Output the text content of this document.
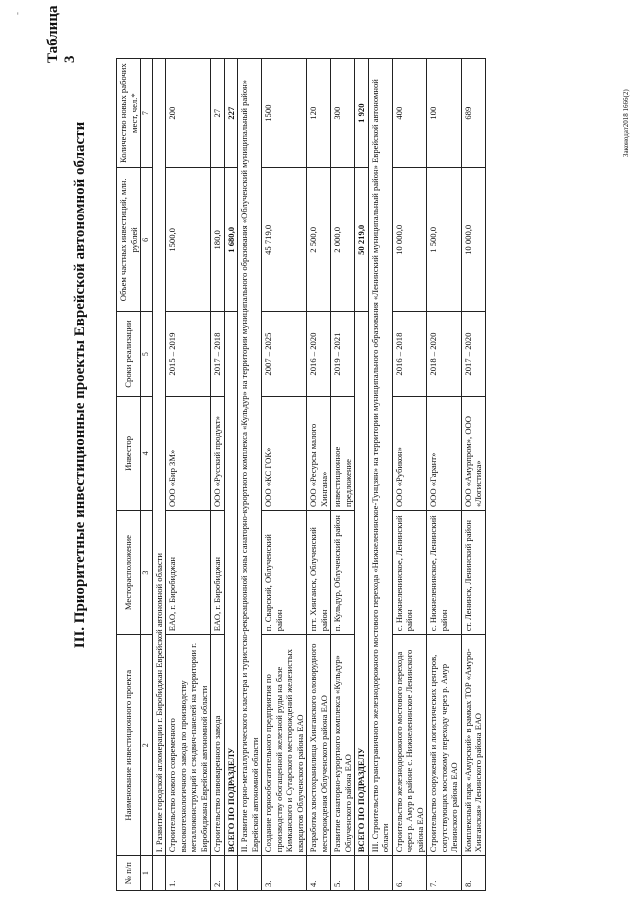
- Таблица 3
III. Приоритетные инвестиционные проекты Еврейской автономной области
№ п/п	Наименование инвестиционного проекта	Месторасположение	Инвестор	Сроки реализации	Объем частных инвестиций, млн. рублей	Количество новых рабочих мест, чел.*
1	2	3	4	5	6	7
	I. Развитие городской агломерации г. Биробиджан Еврейской автономной области					
1.	Строительство нового современного высокотехнологичного завода по производству металлоконструкций и сэндвич-панелей на территории г. Биробиджана Еврейской автономной области	ЕАО, г. Биробиджан	ООО «Бир ЗМ»	2015 – 2019	1500,0	200
2.	Строительство пивоваренного завода	ЕАО, г. Биробиджан	ООО «Русский продукт»	2017 – 2018	180,0	27
	ВСЕГО ПО ПОДРАЗДЕЛУ				1 680,0	227
	II. Развитие горно-металлургического кластера и туристско-рекреационной зоны санаторно-курортного комплекса «Кульдур» на территории муниципального образования «Облученский муниципальный район» Еврейской автономной области					
3.	Создание горнообогатительного предприятия по производству обогащенной железной руды на базе Кимканского и Сутарского месторождений железистых кварцитов Облученского района ЕАО	п. Сварский, Облученский район	ООО «КС ГОК»	2007 – 2025	45 719,0	1500
4.	Разработка хвостохранилища Хинганского оловорудного месторождения Облученского района ЕАО	пгт. Хинганск, Облученский район	ООО «Ресурсы малого Хингана»	2016 – 2020	2 500,0	120
5.	Развитие санаторно-курортного комплекса «Кульдур» Облученского района ЕАО	п. Кульдур, Облученский район	инвестиционное предложение	2019 – 2021	2 000,0	300
	ВСЕГО ПО ПОДРАЗДЕЛУ				50 219,0	1 920
	III. Строительство трансграничного железнодорожного мостового перехода «Нижнеленинское-Тунцзян» на территории муниципального образования «Ленинский муниципальный район» Еврейской автономной области					
6.	Строительство железнодорожного мостового перехода через р. Амур в районе с. Нижнеленинское Ленинского района ЕАО	с. Нижнеленинское, Ленинский район	ООО «Рубикон»	2016 – 2018	10 000,0	400
7.	Строительство сооружений и логистических центров, сопутствующих мостовому переходу через р. Амур Ленинского района ЕАО	с. Нижнеленинское, Ленинский район	ООО «Гарант»	2018 – 2020	1 500,0	100
8.	Комплексный парк «Амурский» в рамках ТОР «Амуро-Хинганская» Ленинского района ЕАО	ст. Ленинск, Ленинский район	ООО «Амурпром», ООО «Логистика»	2017 – 2020	10 000,0	689	Законодат2018 1666(2)
